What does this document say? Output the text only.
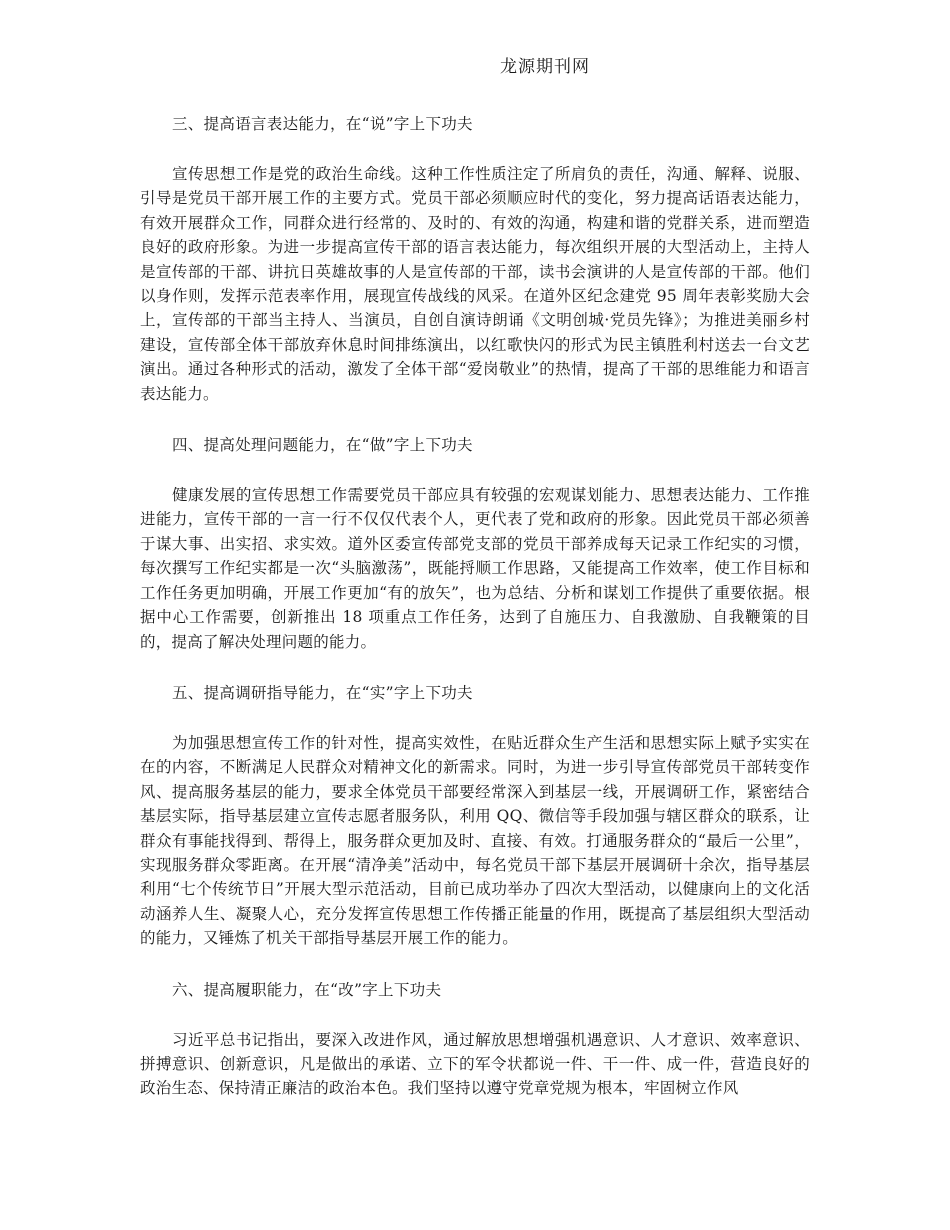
龙源期刊网

三、提高语言表达能力，在“说”字上下功夫

宣传思想工作是党的政治生命线。这种工作性质注定了所肩负的责任，沟通、解释、说服、引导是党员干部开展工作的主要方式。党员干部必须顺应时代的变化，努力提高话语表达能力，有效开展群众工作，同群众进行经常的、及时的、有效的沟通，构建和谐的党群关系，进而塑造良好的政府形象。为进一步提高宣传干部的语言表达能力，每次组织开展的大型活动上，主持人是宣传部的干部、讲抗日英雄故事的人是宣传部的干部，读书会演讲的人是宣传部的干部。他们以身作则，发挥示范表率作用，展现宣传战线的风采。在道外区纪念建党 95 周年表彰奖励大会上，宣传部的干部当主持人、当演员，自创自演诗朗诵《文明创城·党员先锋》；为推进美丽乡村建设，宣传部全体干部放弃休息时间排练演出，以红歌快闪的形式为民主镇胜利村送去一台文艺演出。通过各种形式的活动，激发了全体干部“爱岗敬业”的热情，提高了干部的思维能力和语言表达能力。

四、提高处理问题能力，在“做”字上下功夫

健康发展的宣传思想工作需要党员干部应具有较强的宏观谋划能力、思想表达能力、工作推进能力，宣传干部的一言一行不仅仅代表个人，更代表了党和政府的形象。因此党员干部必须善于谋大事、出实招、求实效。道外区委宣传部党支部的党员干部养成每天记录工作纪实的习惯，每次撰写工作纪实都是一次“头脑激荡”，既能捋顺工作思路，又能提高工作效率，使工作目标和工作任务更加明确，开展工作更加“有的放矢”，也为总结、分析和谋划工作提供了重要依据。根据中心工作需要，创新推出 18 项重点工作任务，达到了自施压力、自我激励、自我鞭策的目的，提高了解决处理问题的能力。

五、提高调研指导能力，在“实”字上下功夫

为加强思想宣传工作的针对性，提高实效性，在贴近群众生产生活和思想实际上赋予实实在在的内容，不断满足人民群众对精神文化的新需求。同时，为进一步引导宣传部党员干部转变作风、提高服务基层的能力，要求全体党员干部要经常深入到基层一线，开展调研工作，紧密结合基层实际，指导基层建立宣传志愿者服务队，利用 QQ、微信等手段加强与辖区群众的联系，让群众有事能找得到、帮得上，服务群众更加及时、直接、有效。打通服务群众的“最后一公里”，实现服务群众零距离。在开展“清净美”活动中，每名党员干部下基层开展调研十余次，指导基层利用“七个传统节日”开展大型示范活动，目前已成功举办了四次大型活动，以健康向上的文化活动涵养人生、凝聚人心，充分发挥宣传思想工作传播正能量的作用，既提高了基层组织大型活动的能力，又锤炼了机关干部指导基层开展工作的能力。

六、提高履职能力，在“改”字上下功夫

习近平总书记指出，要深入改进作风，通过解放思想增强机遇意识、人才意识、效率意识、拼搏意识、创新意识，凡是做出的承诺、立下的军令状都说一件、干一件、成一件，营造良好的政治生态、保持清正廉洁的政治本色。我们坚持以遵守党章党规为根本，牢固树立作风
